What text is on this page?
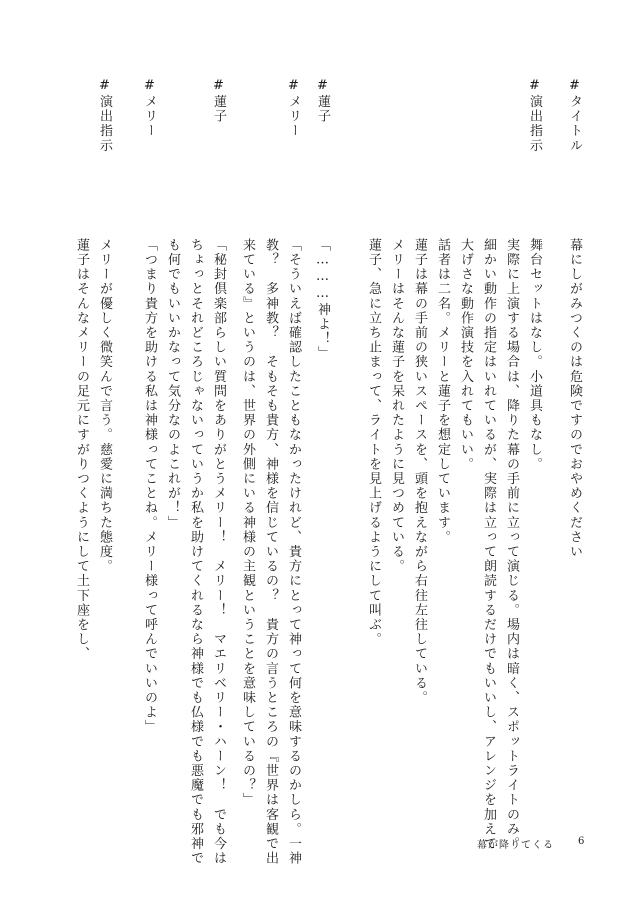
#タイトル
幕にしがみつくのは危険ですのでおやめください
#演出指示
舞台セットはなし。小道具もなし。
実際に上演する場合は、降りた幕の手前に立って演じる。場内は暗く、スポットライトのみ。
細かい動作の指定はいれているが、実際は立って朗読するだけでもいいし、アレンジを加えて
大げさな動作演技を入れてもいい。
話者は二名。メリーと蓮子を想定しています。
蓮子は幕の手前の狭いスペースを、頭を抱えながら右往左往している。
メリーはそんな蓮子を呆れたように見つめている。
蓮子、急に立ち止まって、ライトを見上げるようにして叫ぶ。
#蓮子
「………神よ！」
#メリー
「そういえば確認したこともなかったけれど、貴方にとって神って何を意味するのかしら。一神
教？　多神教？　そもそも貴方、神様を信じているの？　貴方の言うところの『世界は客観で出
来ている』というのは、世界の外側にいる神様の主観ということを意味しているの？」
#蓮子
「秘封倶楽部らしい質問をありがとうメリー！　メリー！　マエリベリー・ハーン！　でも今は
ちょっとそれどころじゃないっていうか私を助けてくれるなら神様でも仏様でも悪魔でも邪神で
も何でもいいかなって気分なのよこれが！」
#メリー
「つまり貴方を助ける私は神様ってことね。メリー様って呼んでいいのよ」
#演出指示
メリーが優しく微笑んで言う。慈愛に満ちた態度。
蓮子はそんなメリーの足元にすがりつくようにして土下座をし、
幕が降りてくる 6
